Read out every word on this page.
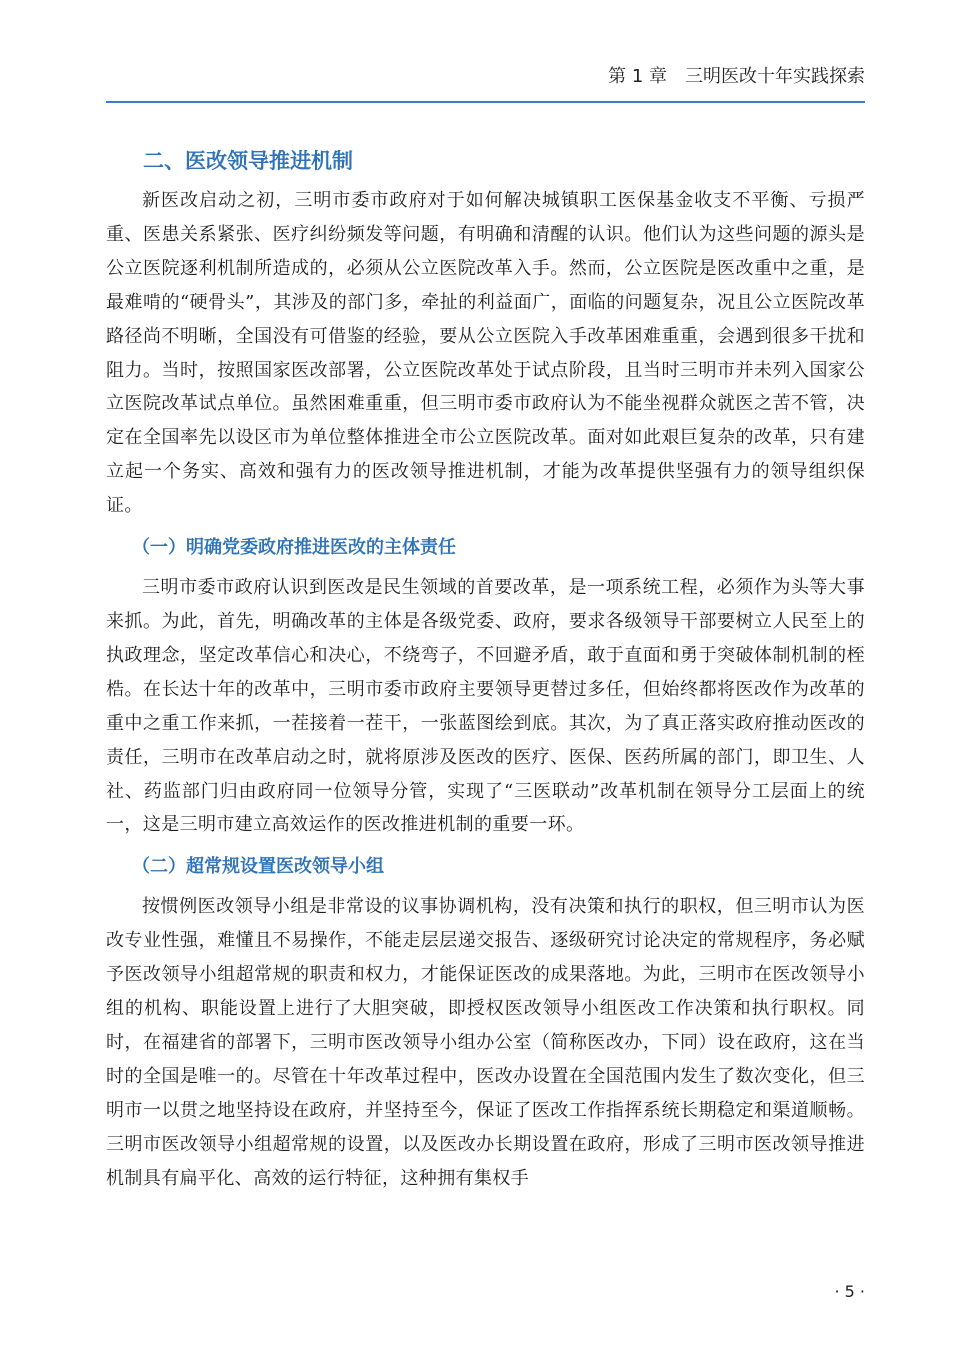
第 1 章　三明医改十年实践探索
二、医改领导推进机制

新医改启动之初，三明市委市政府对于如何解决城镇职工医保基金收支不平衡、亏损严重、医患关系紧张、医疗纠纷频发等问题，有明确和清醒的认识。他们认为这些问题的源头是公立医院逐利机制所造成的，必须从公立医院改革入手。然而，公立医院是医改重中之重，是最难啃的“硬骨头”，其涉及的部门多，牵扯的利益面广，面临的问题复杂，况且公立医院改革路径尚不明晰，全国没有可借鉴的经验，要从公立医院入手改革困难重重，会遇到很多干扰和阻力。当时，按照国家医改部署，公立医院改革处于试点阶段，且当时三明市并未列入国家公立医院改革试点单位。虽然困难重重，但三明市委市政府认为不能坐视群众就医之苦不管，决定在全国率先以设区市为单位整体推进全市公立医院改革。面对如此艰巨复杂的改革，只有建立起一个务实、高效和强有力的医改领导推进机制，才能为改革提供坚强有力的领导组织保证。

（一）明确党委政府推进医改的主体责任

三明市委市政府认识到医改是民生领域的首要改革，是一项系统工程，必须作为头等大事来抓。为此，首先，明确改革的主体是各级党委、政府，要求各级领导干部要树立人民至上的执政理念，坚定改革信心和决心，不绕弯子，不回避矛盾，敢于直面和勇于突破体制机制的桎梏。在长达十年的改革中，三明市委市政府主要领导更替过多任，但始终都将医改作为改革的重中之重工作来抓，一茬接着一茬干，一张蓝图绘到底。其次，为了真正落实政府推动医改的责任，三明市在改革启动之时，就将原涉及医改的医疗、医保、医药所属的部门，即卫生、人社、药监部门归由政府同一位领导分管，实现了“三医联动”改革机制在领导分工层面上的统一，这是三明市建立高效运作的医改推进机制的重要一环。

（二）超常规设置医改领导小组

按惯例医改领导小组是非常设的议事协调机构，没有决策和执行的职权，但三明市认为医改专业性强，难懂且不易操作，不能走层层递交报告、逐级研究讨论决定的常规程序，务必赋予医改领导小组超常规的职责和权力，才能保证医改的成果落地。为此，三明市在医改领导小组的机构、职能设置上进行了大胆突破，即授权医改领导小组医改工作决策和执行职权。同时，在福建省的部署下，三明市医改领导小组办公室（简称医改办，下同）设在政府，这在当时的全国是唯一的。尽管在十年改革过程中，医改办设置在全国范围内发生了数次变化，但三明市一以贯之地坚持设在政府，并坚持至今，保证了医改工作指挥系统长期稳定和渠道顺畅。三明市医改领导小组超常规的设置，以及医改办长期设置在政府，形成了三明市医改领导推进机制具有扁平化、高效的运行特征，这种拥有集权手

· 5 ·
